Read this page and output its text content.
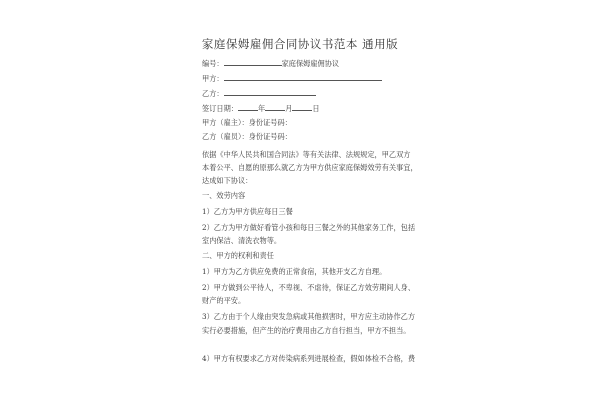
家庭保姆雇佣合同协议书范本 通用版
编号：	家庭保姆雇佣协议
甲方：
乙方：
签订日期：	年	月	日
甲方（雇主）：身份证号码：
乙方（雇员）：身份证号码：
依据《中华人民共和国合同法》等有关法律、法规规定，甲乙双方
本着公平、自愿的原那么就乙方为甲方供应家庭保姆效劳有关事宜，
达成如下协议：
一、效劳内容
1）乙方为甲方供应每日三餐
2）乙方为甲方做好看管小孩和每日三餐之外的其他家务工作，包括
室内保洁、清洗衣物等。
二、甲方的权利和责任
1）甲方为乙方供应免费的正常食宿，其他开支乙方自理。
2）甲方做到公平待人，不卑视、不虐待，保证乙方效劳期间人身、
财产的平安。
3）乙方由于个人缘由突发急病或其他损害时，甲方应主动协作乙方
实行必要措施，但产生的治疗费用由乙方自行担当，甲方不担当。
4）甲方有权要求乙方对传染病系列进展检查，假如体检不合格，费
